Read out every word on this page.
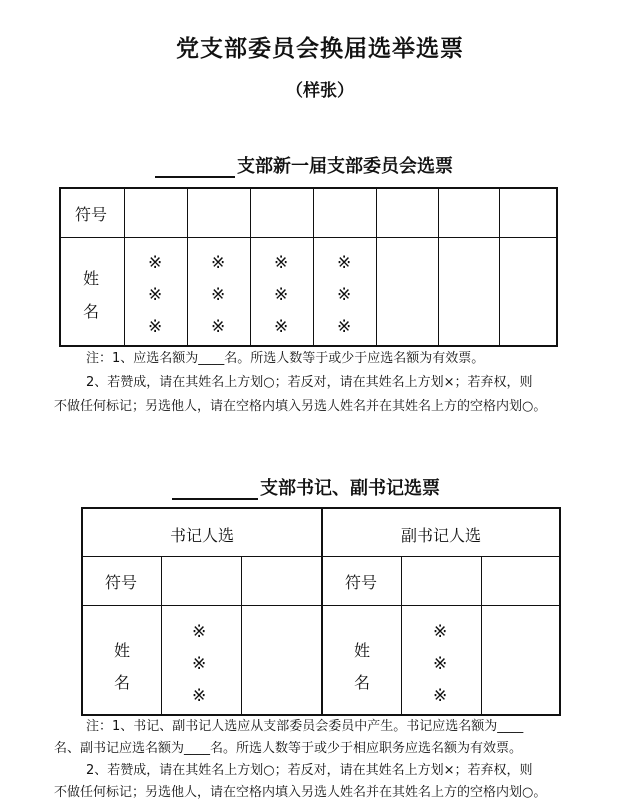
党支部委员会换届选举选票
（样张）
支部新一届支部委员会选票
符号
姓
名
※
※
※
※
※
※
※
※
※
※
※
※
注：1、应选名额为____名。所选人数等于或少于应选名额为有效票。
2、若赞成，请在其姓名上方划○；若反对，请在其姓名上方划×；若弃权，则
不做任何标记；另选他人，请在空格内填入另选人姓名并在其姓名上方的空格内划○。
支部书记、副书记选票
书记人选	副书记人选
符号
姓
名
※
※
※
符号
姓
名
※
※
※
注：1、书记、副书记人选应从支部委员会委员中产生。书记应选名额为____
名、副书记应选名额为____名。所选人数等于或少于相应职务应选名额为有效票。
2、若赞成，请在其姓名上方划○；若反对，请在其姓名上方划×；若弃权，则
不做任何标记；另选他人，请在空格内填入另选人姓名并在其姓名上方的空格内划○。
